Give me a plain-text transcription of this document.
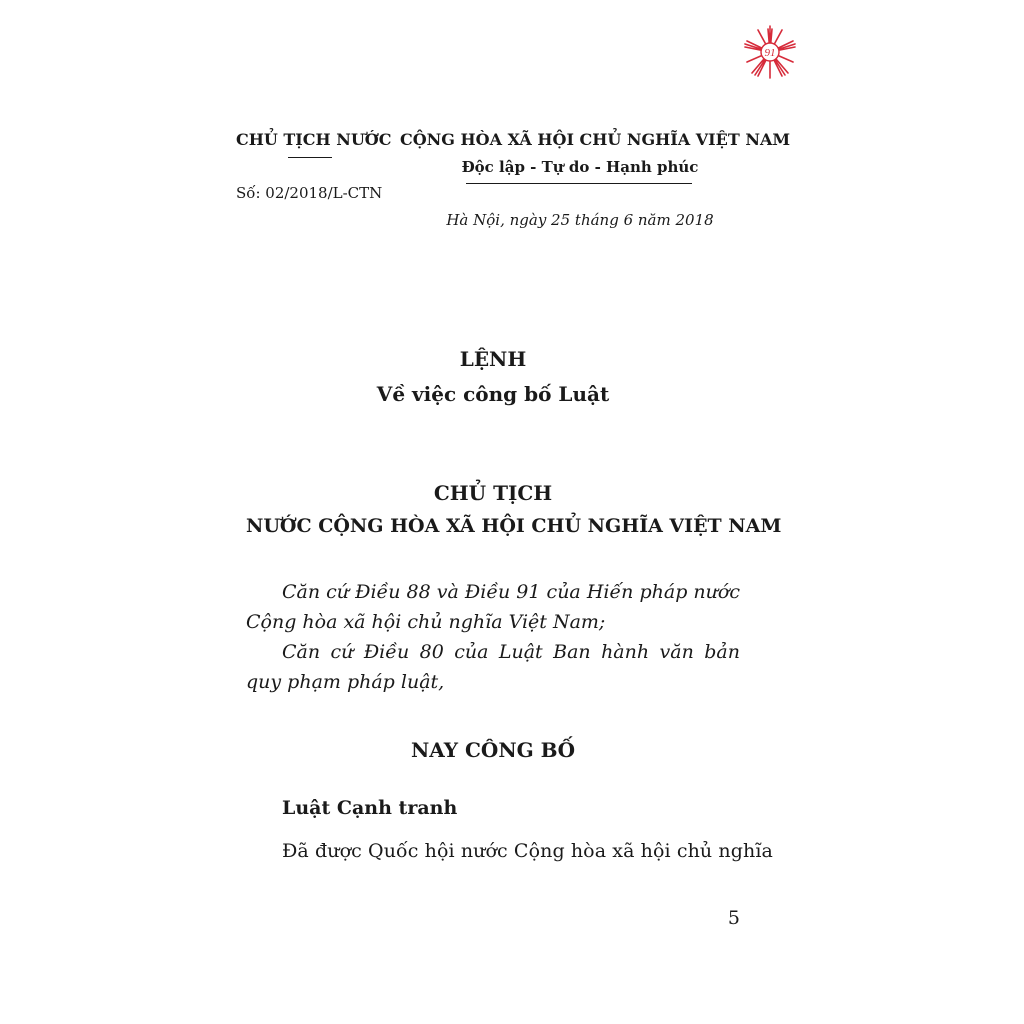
91
CHỦ TỊCH NƯỚC
Số: 02/2018/L-CTN
CỘNG HÒA XÃ HỘI CHỦ NGHĨA VIỆT NAM
Độc lập - Tự do - Hạnh phúc
Hà Nội, ngày 25 tháng 6 năm 2018
LỆNH
Về việc công bố Luật
CHỦ TỊCH
NƯỚC CỘNG HÒA XÃ HỘI CHỦ NGHĨA VIỆT NAM

Căn cứ Điều 88 và Điều 91 của Hiến pháp nước Cộng hòa xã hội chủ nghĩa Việt Nam;

Căn cứ Điều 80 của Luật Ban hành văn bản quy phạm pháp luật,

NAY CÔNG BỐ
Luật Cạnh tranh
Đã được Quốc hội nước Cộng hòa xã hội chủ nghĩa
5
